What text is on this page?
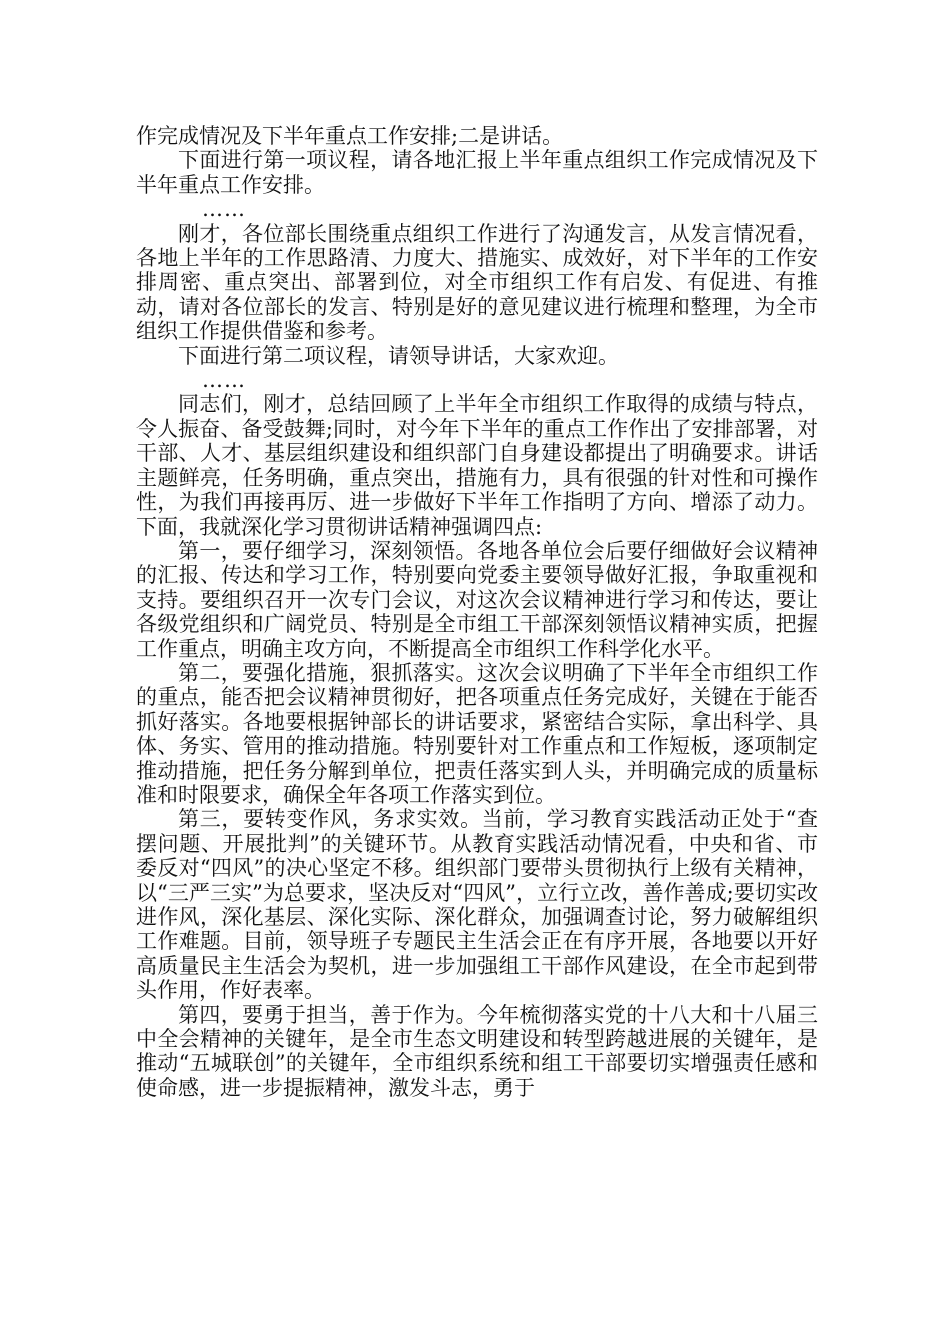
作完成情况及下半年重点工作安排;二是讲话。

下面进行第一项议程，请各地汇报上半年重点组织工作完成情况及下半年重点工作安排。

……

刚才，各位部长围绕重点组织工作进行了沟通发言，从发言情况看，各地上半年的工作思路清、力度大、措施实、成效好，对下半年的工作安排周密、重点突出、部署到位，对全市组织工作有启发、有促进、有推动，请对各位部长的发言、特别是好的意见建议进行梳理和整理，为全市组织工作提供借鉴和参考。

下面进行第二项议程，请领导讲话，大家欢迎。

……

同志们，刚才，总结回顾了上半年全市组织工作取得的成绩与特点，令人振奋、备受鼓舞;同时，对今年下半年的重点工作作出了安排部署，对干部、人才、基层组织建设和组织部门自身建设都提出了明确要求。讲话主题鲜亮，任务明确，重点突出，措施有力，具有很强的针对性和可操作性，为我们再接再厉、进一步做好下半年工作指明了方向、增添了动力。下面，我就深化学习贯彻讲话精神强调四点:

第一，要仔细学习，深刻领悟。各地各单位会后要仔细做好会议精神的汇报、传达和学习工作，特别要向党委主要领导做好汇报，争取重视和支持。要组织召开一次专门会议，对这次会议精神进行学习和传达，要让各级党组织和广阔党员、特别是全市组工干部深刻领悟议精神实质，把握工作重点，明确主攻方向，不断提高全市组织工作科学化水平。

第二，要强化措施，狠抓落实。这次会议明确了下半年全市组织工作的重点，能否把会议精神贯彻好，把各项重点任务完成好，关键在于能否抓好落实。各地要根据钟部长的讲话要求，紧密结合实际，拿出科学、具体、务实、管用的推动措施。特别要针对工作重点和工作短板，逐项制定推动措施，把任务分解到单位，把责任落实到人头，并明确完成的质量标准和时限要求，确保全年各项工作落实到位。

第三，要转变作风，务求实效。当前，学习教育实践活动正处于“查摆问题、开展批判”的关键环节。从教育实践活动情况看，中央和省、市委反对“四风”的决心坚定不移。组织部门要带头贯彻执行上级有关精神，以“三严三实”为总要求，坚决反对“四风”，立行立改，善作善成;要切实改进作风，深化基层、深化实际、深化群众，加强调查讨论，努力破解组织工作难题。目前，领导班子专题民主生活会正在有序开展，各地要以开好高质量民主生活会为契机，进一步加强组工干部作风建设，在全市起到带头作用，作好表率。

第四，要勇于担当，善于作为。今年梳彻落实党的十八大和十八届三中全会精神的关键年，是全市生态文明建设和转型跨越进展的关键年，是推动“五城联创”的关键年，全市组织系统和组工干部要切实增强责任感和使命感，进一步提振精神，激发斗志，勇于
